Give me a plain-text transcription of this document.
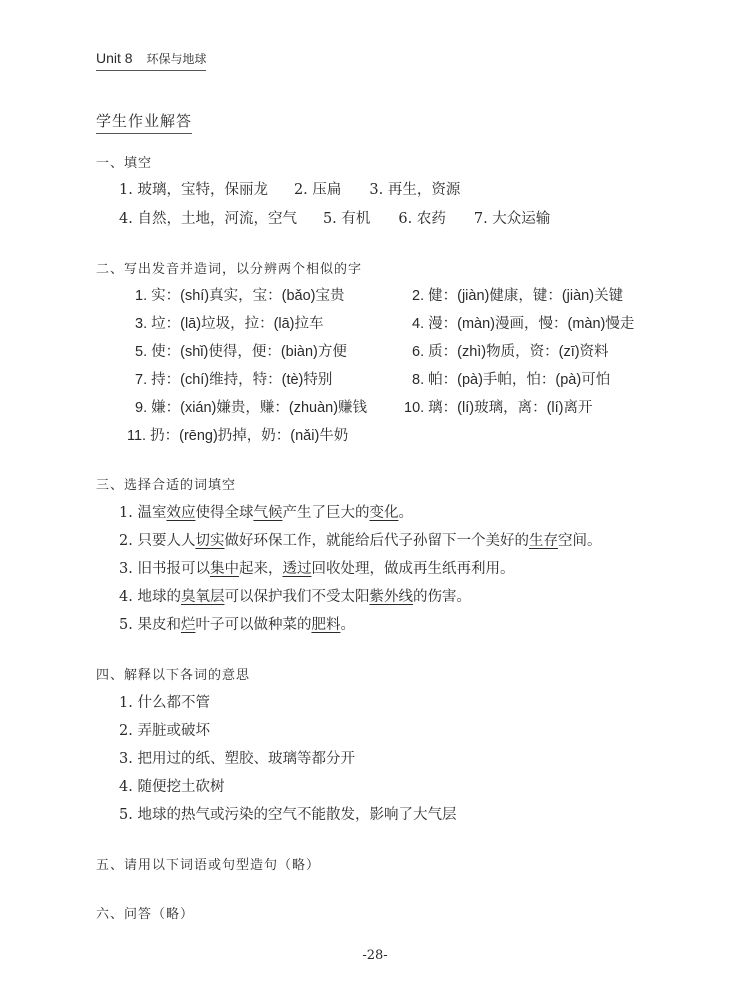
Unit 8 环保与地球
学生作业解答
一、填空
1. 玻璃，宝特，保丽龙 2. 压扁 3. 再生，资源
4. 自然，土地，河流，空气 5. 有机 6. 农药 7. 大众运输
二、写出发音并造词，以分辨两个相似的字
1. 实：(shí)真实，宝：(bǎo)宝贵	2. 健：(jiàn)健康，键：(jiàn)关键
3. 垃：(lā)垃圾，拉：(lā)拉车	4. 漫：(màn)漫画，慢：(màn)慢走
5. 使：(shǐ)使得，便：(biàn)方便	6. 质：(zhì)物质，资：(zī)资料
7. 持：(chí)维持，特：(tè)特别	8. 帕：(pà)手帕，怕：(pà)可怕
9. 嫌：(xián)嫌贵，赚：(zhuàn)赚钱	10. 璃：(lí)玻璃，离：(lí)离开
11. 扔：(rēng)扔掉，奶：(nǎi)牛奶
三、选择合适的词填空
1. 温室效应使得全球气候产生了巨大的变化。
2. 只要人人切实做好环保工作，就能给后代子孙留下一个美好的生存空间。
3. 旧书报可以集中起来，透过回收处理，做成再生纸再利用。
4. 地球的臭氧层可以保护我们不受太阳紫外线的伤害。
5. 果皮和烂叶子可以做种菜的肥料。
四、解释以下各词的意思
1. 什么都不管
2. 弄脏或破坏
3. 把用过的纸、塑胶、玻璃等都分开
4. 随便挖土砍树
5. 地球的热气或污染的空气不能散发，影响了大气层
五、请用以下词语或句型造句（略）
六、问答（略）
-28-
